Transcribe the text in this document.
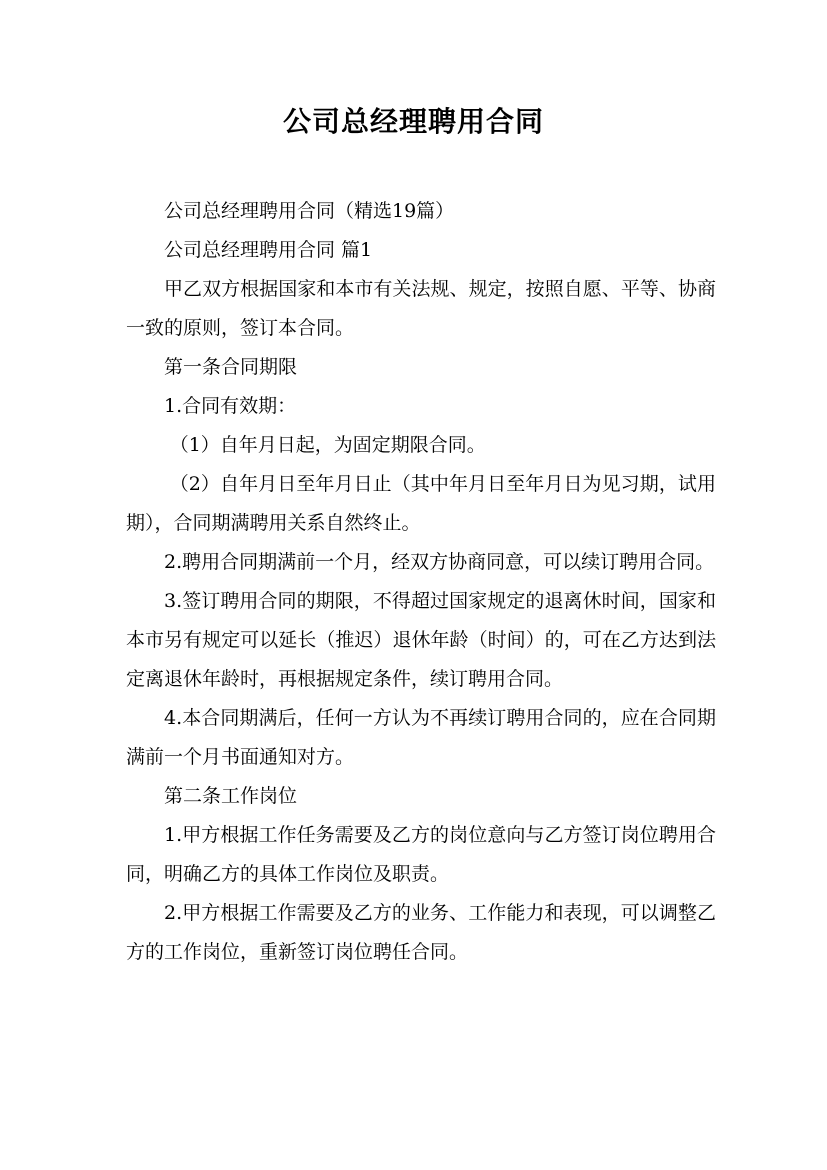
公司总经理聘用合同

公司总经理聘用合同（精选19篇）

公司总经理聘用合同 篇1

甲乙双方根据国家和本市有关法规、规定，按照自愿、平等、协商一致的原则，签订本合同。

第一条合同期限

1.合同有效期：

（1）自年月日起，为固定期限合同。

（2）自年月日至年月日止（其中年月日至年月日为见习期，试用期），合同期满聘用关系自然终止。

2.聘用合同期满前一个月，经双方协商同意，可以续订聘用合同。

3.签订聘用合同的期限，不得超过国家规定的退离休时间，国家和本市另有规定可以延长（推迟）退休年龄（时间）的，可在乙方达到法定离退休年龄时，再根据规定条件，续订聘用合同。

4.本合同期满后，任何一方认为不再续订聘用合同的，应在合同期满前一个月书面通知对方。

第二条工作岗位

1.甲方根据工作任务需要及乙方的岗位意向与乙方签订岗位聘用合同，明确乙方的具体工作岗位及职责。

2.甲方根据工作需要及乙方的业务、工作能力和表现，可以调整乙方的工作岗位，重新签订岗位聘任合同。
